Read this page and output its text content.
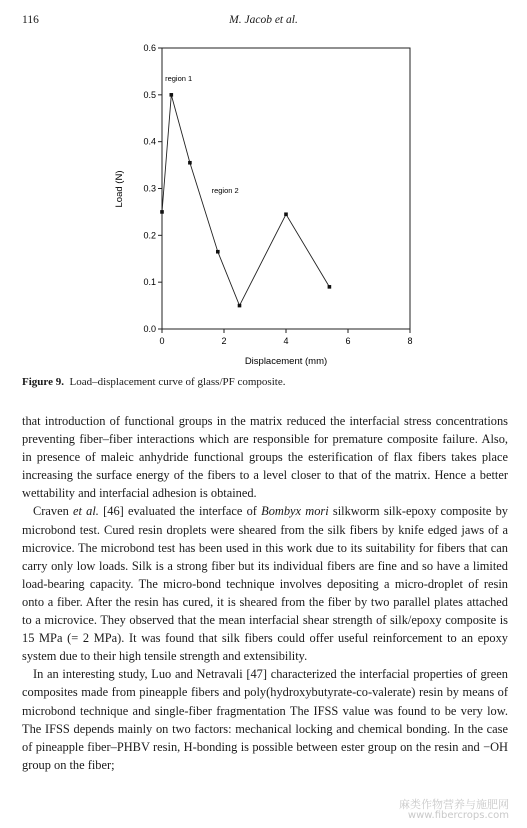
116	M. Jacob et al.
0.0
0.1
0.2
0.3
0.4
0.5
0.6
0	2	4	6	8
region 1
region 2
Displacement (mm)
Load (N)
Figure 9. Load–displacement curve of glass/PF composite.

that introduction of functional groups in the matrix reduced the interfacial stress concentrations preventing fiber–fiber interactions which are responsible for premature composite failure. Also, in presence of maleic anhydride functional groups the esterification of flax fibers takes place increasing the surface energy of the fibers to a level closer to that of the matrix. Hence a better wettability and interfacial adhesion is obtained.

Craven et al. [46] evaluated the interface of Bombyx mori silkworm silk-epoxy composite by microbond test. Cured resin droplets were sheared from the silk fibers by knife edged jaws of a microvice. The microbond test has been used in this work due to its suitability for fibers that can carry only low loads. Silk is a strong fiber but its individual fibers are fine and so have a limited load-bearing capacity. The micro-bond technique involves depositing a micro-droplet of resin onto a fiber. After the resin has cured, it is sheared from the fiber by two parallel plates attached to a microvice. They observed that the mean interfacial shear strength of silk/epoxy composite is 15 MPa (= 2 MPa). It was found that silk fibers could offer useful reinforcement to an epoxy system due to their high tensile strength and extensibility.

In an interesting study, Luo and Netravali [47] characterized the interfacial properties of green composites made from pineapple fibers and poly(hydroxybutyrate-co-valerate) resin by means of microbond technique and single-fiber fragmentation The IFSS value was found to be very low. The IFSS depends mainly on two factors: mechanical locking and chemical bonding. In the case of pineapple fiber–PHBV resin, H-bonding is possible between ester group on the resin and −OH group on the fiber;

麻类作物营养与施肥网
www.fibercrops.com
